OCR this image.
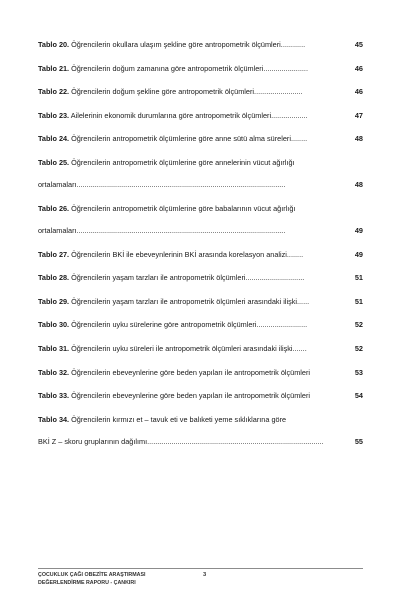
Tablo 20. Öğrencilerin okullara ulaşım şekline göre antropometrik ölçümleri ............	45
Tablo 21. Öğrencilerin doğum zamanına göre antropometrik ölçümleri ......................	46
Tablo 22. Öğrencilerin doğum şekline göre antropometrik ölçümleri ........................	46
Tablo 23. Ailelerinin ekonomik durumlarına göre antropometrik ölçümleri ..................	47
Tablo 24. Öğrencilerin antropometrik ölçümlerine göre anne sütü alma süreleri ........	48
Tablo 25. Öğrencilerin antropometrik ölçümlerine göre annelerinin vücut ağırlığı
ortalamaları .......................................................................................................	48
Tablo 26. Öğrencilerin antropometrik ölçümlerine göre babalarının vücut ağırlığı
ortalamaları .......................................................................................................	49
Tablo 27. Öğrencilerin BKİ ile ebeveynlerinin BKİ arasında korelasyon analizi ........	49
Tablo 28. Öğrencilerin yaşam tarzları ile antropometrik ölçümleri .............................	51
Tablo 29. Öğrencilerin yaşam tarzları ile antropometrik ölçümleri arasındaki ilişki ......	51
Tablo 30. Öğrencilerin uyku sürelerine göre antropometrik ölçümleri .........................	52
Tablo 31. Öğrencilerin uyku süreleri ile antropometrik ölçümleri arasındaki ilişki .......	52
Tablo 32. Öğrencilerin ebeveynlerine göre beden yapıları ile antropometrik ölçümleri	53
Tablo 33. Öğrencilerin ebeveynlerine göre beden yapıları ile antropometrik ölçümleri	54
Tablo 34. Öğrencilerin kırmızı et – tavuk eti ve balıketi yeme sıklıklarına göre
BKİ Z – skoru gruplarının dağılımı .......................................................................................	55
ÇOCUKLUK ÇAĞI OBEZİTE ARAŞTIRMASI
DEĞERLENDİRME RAPORU - ÇANKIRI
3
